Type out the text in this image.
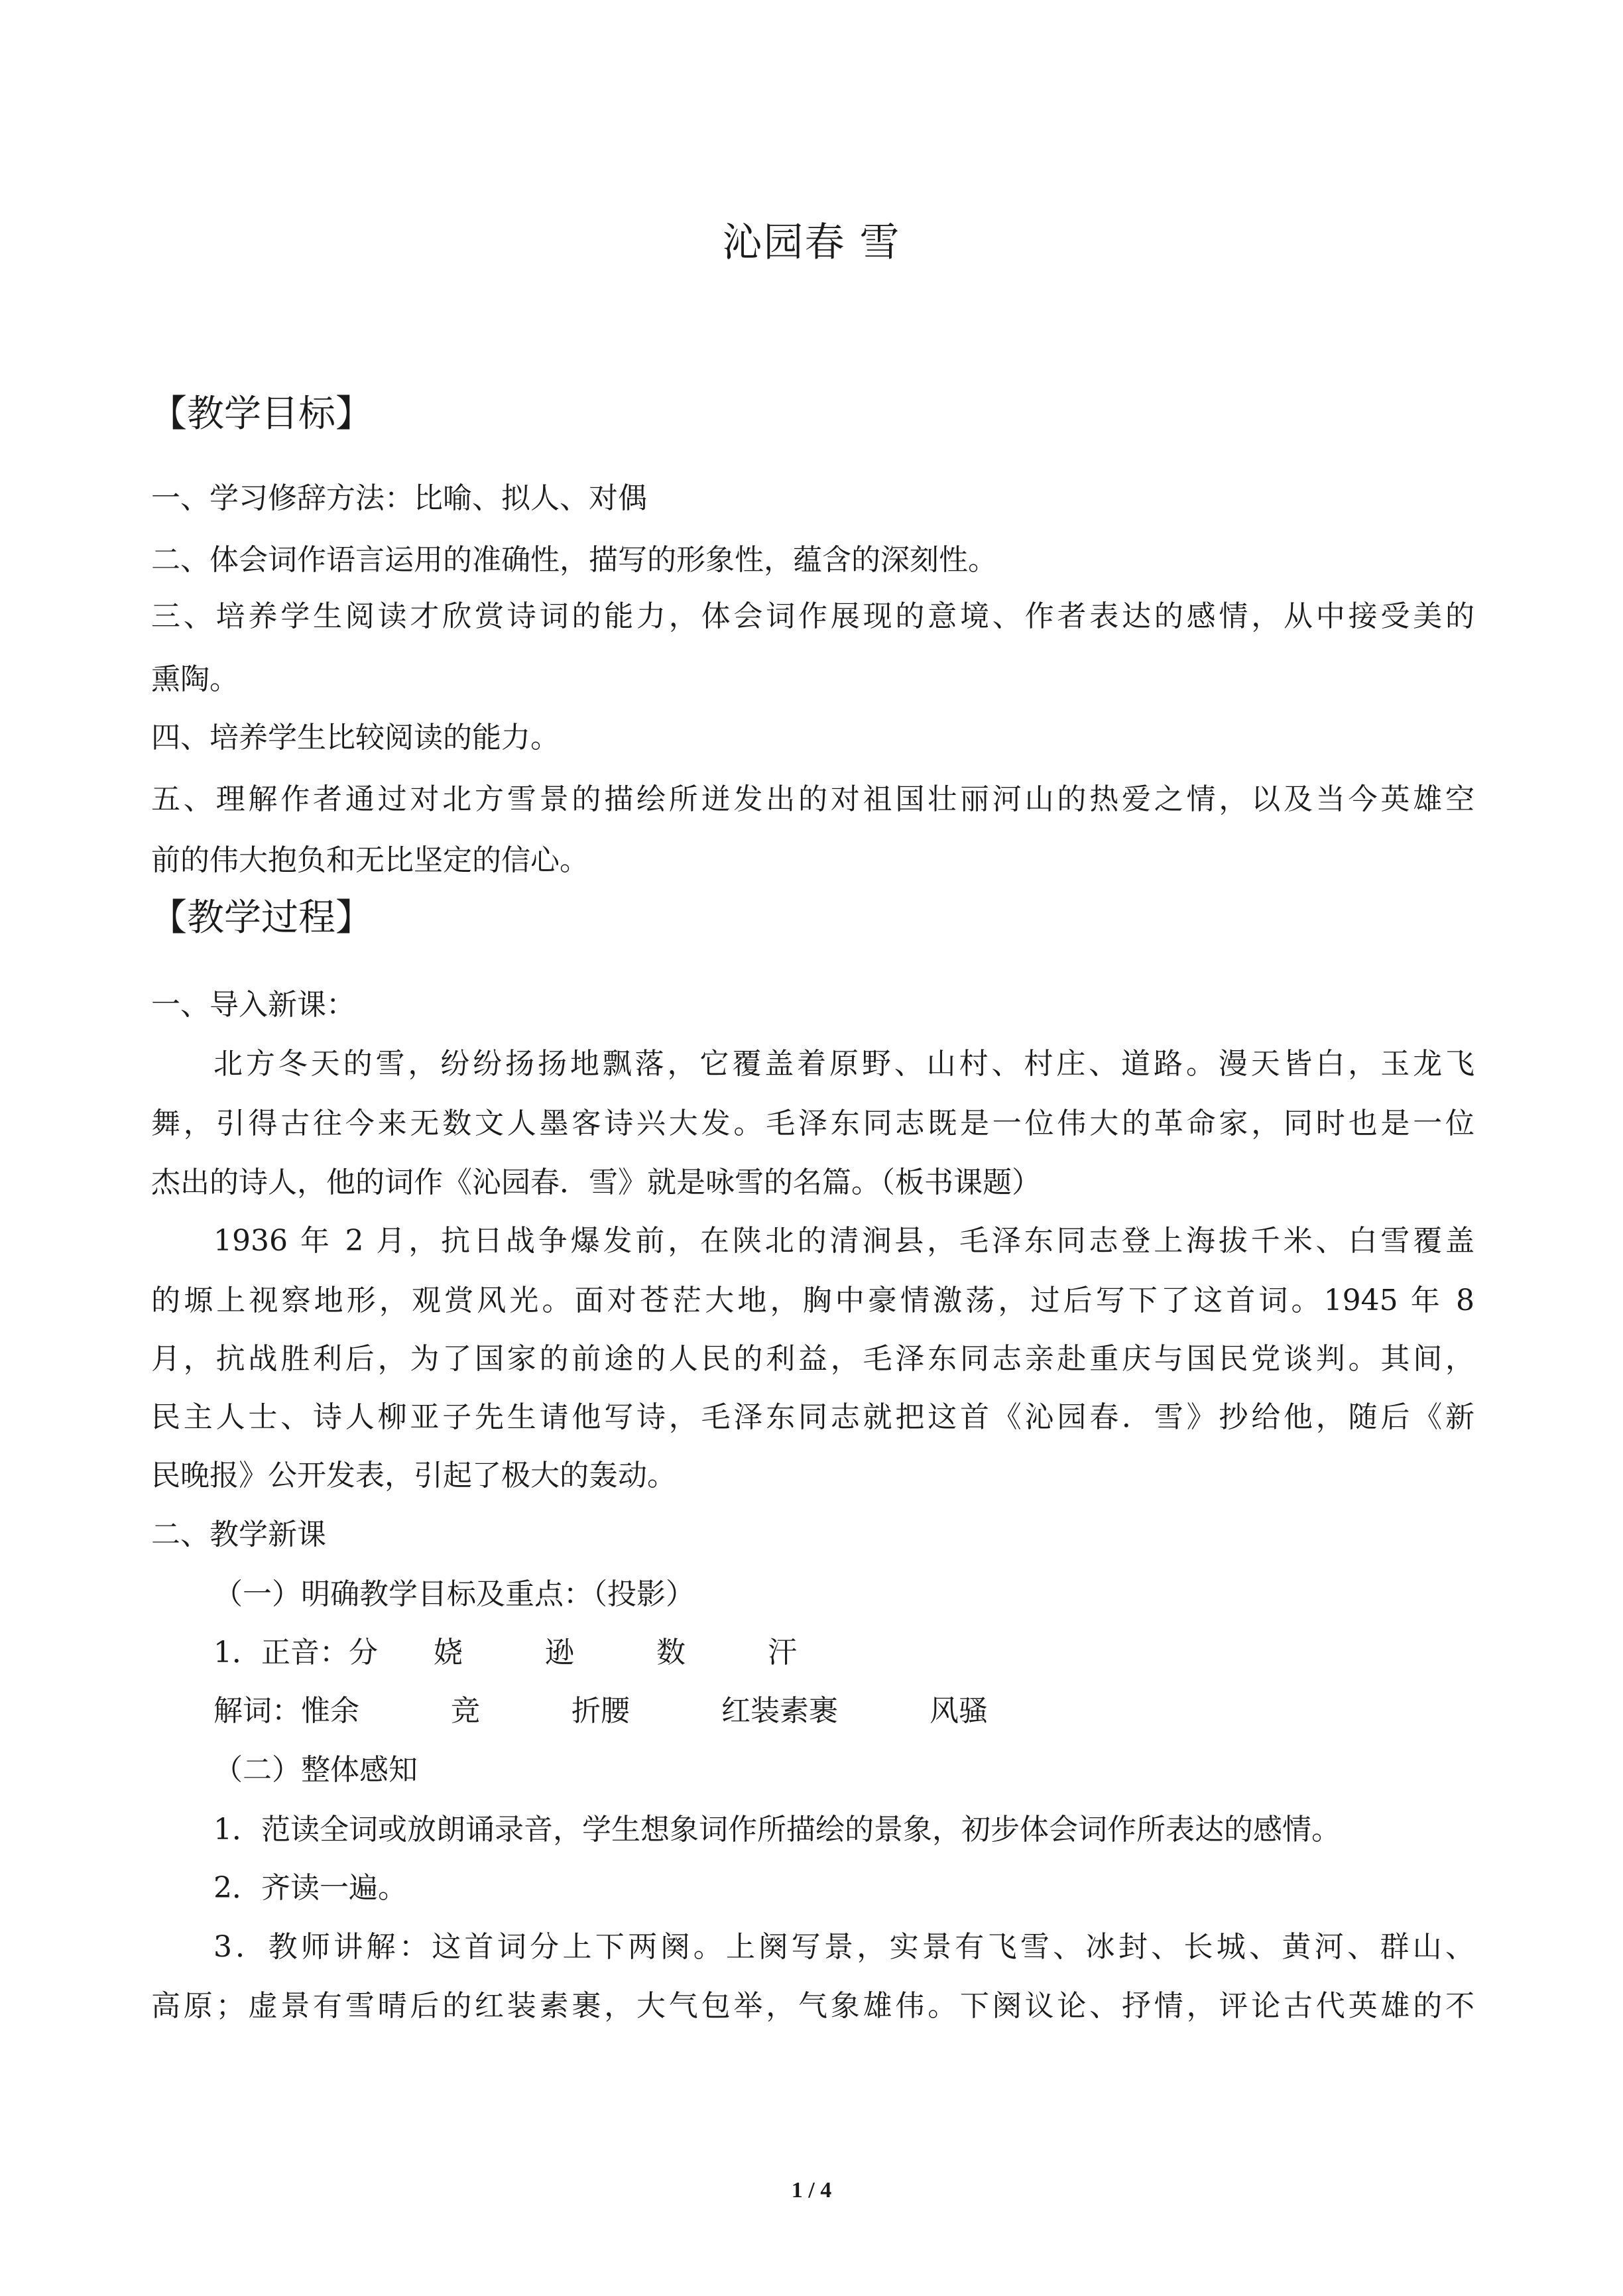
沁园春 雪
【教学目标】
一、学习修辞方法：比喻、拟人、对偶
二、体会词作语言运用的准确性，描写的形象性，蕴含的深刻性。
三、培养学生阅读才欣赏诗词的能力，体会词作展现的意境、作者表达的感情，从中接受美的
熏陶。
四、培养学生比较阅读的能力。
五、理解作者通过对北方雪景的描绘所迸发出的对祖国壮丽河山的热爱之情，以及当今英雄空
前的伟大抱负和无比坚定的信心。
【教学过程】
一、导入新课：
北方冬天的雪，纷纷扬扬地飘落，它覆盖着原野、山村、村庄、道路。漫天皆白，玉龙飞
舞，引得古往今来无数文人墨客诗兴大发。毛泽东同志既是一位伟大的革命家，同时也是一位
杰出的诗人，他的词作《沁园春．雪》就是咏雪的名篇。（板书课题）
1936 年 2 月，抗日战争爆发前，在陕北的清涧县，毛泽东同志登上海拔千米、白雪覆盖
的塬上视察地形，观赏风光。面对苍茫大地，胸中豪情激荡，过后写下了这首词。1945 年 8
月，抗战胜利后，为了国家的前途的人民的利益，毛泽东同志亲赴重庆与国民党谈判。其间，
民主人士、诗人柳亚子先生请他写诗，毛泽东同志就把这首《沁园春．雪》抄给他，随后《新
民晚报》公开发表，引起了极大的轰动。
二、教学新课
（一）明确教学目标及重点：（投影）
1．正音：分 娆	逊	数	汗
解词：惟余	竞	折腰	红装素裹	风骚
（二）整体感知
1．范读全词或放朗诵录音，学生想象词作所描绘的景象，初步体会词作所表达的感情。
2．齐读一遍。
3．教师讲解：这首词分上下两阕。上阕写景，实景有飞雪、冰封、长城、黄河、群山、
高原；虚景有雪晴后的红装素裹，大气包举，气象雄伟。下阕议论、抒情，评论古代英雄的不
1 / 4
